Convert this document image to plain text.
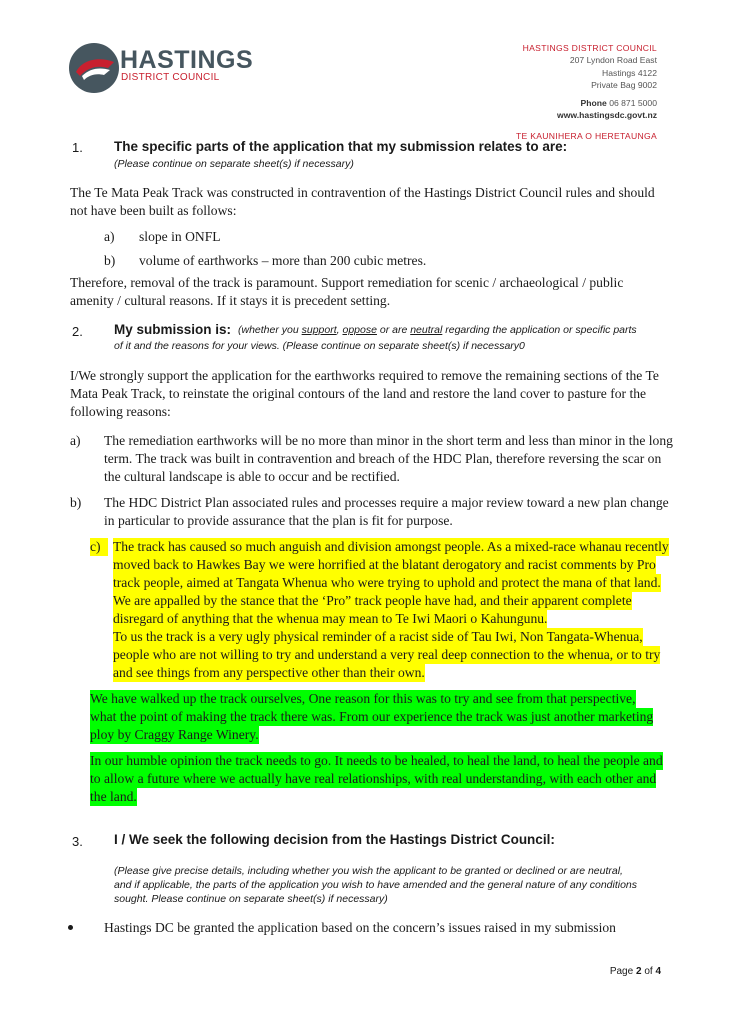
HASTINGS
DISTRICT COUNCIL
HASTINGS DISTRICT COUNCIL
207 Lyndon Road East
Hastings 4122
Private Bag 9002
Phone 06 871 5000
www.hastingsdc.govt.nz
TE KAUNIHERA O HERETAUNGA
1. The specific parts of the application that my submission relates to are:
(Please continue on separate sheet(s) if necessary)
The Te Mata Peak Track was constructed in contravention of the Hastings District Council rules and should
not have been built as follows:
a) slope in ONFL
b) volume of earthworks – more than 200 cubic metres.
Therefore, removal of the track is paramount. Support remediation for scenic / archaeological / public
amenity / cultural reasons. If it stays it is precedent setting.
2. My submission is: (whether you support, oppose or are neutral regarding the application or specific parts
of it and the reasons for your views. (Please continue on separate sheet(s) if necessary0
I/We strongly support the application for the earthworks required to remove the remaining sections of the Te
Mata Peak Track, to reinstate the original contours of the land and restore the land cover to pasture for the
following reasons:
a) The remediation earthworks will be no more than minor in the short term and less than minor in the long
term. The track was built in contravention and breach of the HDC Plan, therefore reversing the scar on
the cultural landscape is able to occur and be rectified.
b) The HDC District Plan associated rules and processes require a major review toward a new plan change
in particular to provide assurance that the plan is fit for purpose.
c) The track has caused so much anguish and division amongst people. As a mixed-race whanau recently
moved back to Hawkes Bay we were horrified at the blatant derogatory and racist comments by Pro
track people, aimed at Tangata Whenua who were trying to uphold and protect the mana of that land.
We are appalled by the stance that the ‘Pro” track people have had, and their apparent complete
disregard of anything that the whenua may mean to Te Iwi Maori o Kahungunu.
To us the track is a very ugly physical reminder of a racist side of Tau Iwi, Non Tangata-Whenua,
people who are not willing to try and understand a very real deep connection to the whenua, or to try
and see things from any perspective other than their own.
We have walked up the track ourselves, One reason for this was to try and see from that perspective,
what the point of making the track there was. From our experience the track was just another marketing
ploy by Craggy Range Winery.
In our humble opinion the track needs to go. It needs to be healed, to heal the land, to heal the people and
to allow a future where we actually have real relationships, with real understanding, with each other and
the land.
3. I / We seek the following decision from the Hastings District Council:
(Please give precise details, including whether you wish the applicant to be granted or declined or are neutral,
and if applicable, the parts of the application you wish to have amended and the general nature of any conditions
sought. Please continue on separate sheet(s) if necessary)
Hastings DC be granted the application based on the concern’s issues raised in my submission
Page 2 of 4
